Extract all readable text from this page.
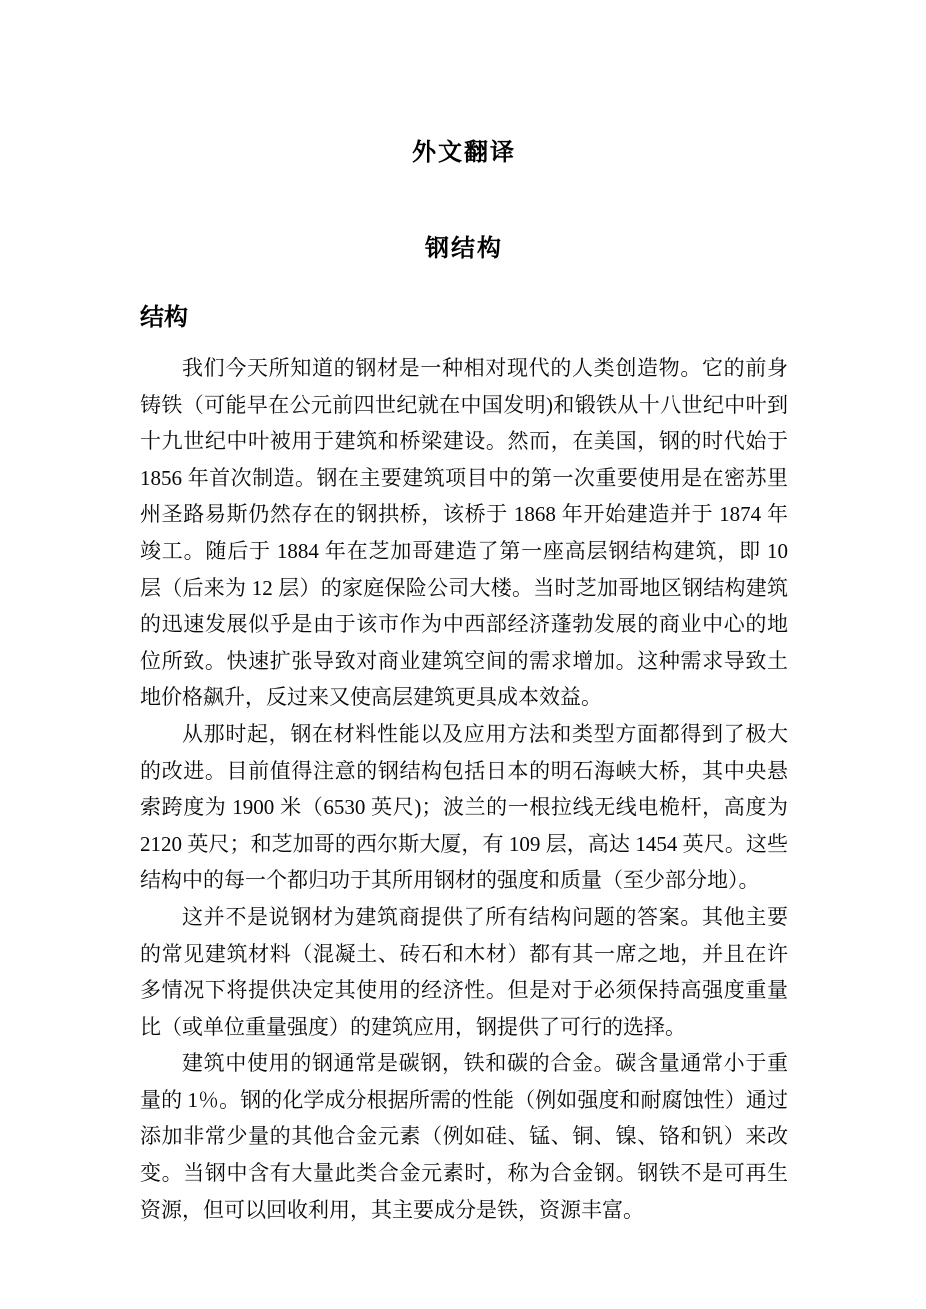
外文翻译
钢结构
结构

我们今天所知道的钢材是一种相对现代的人类创造物。它的前身铸铁（可能早在公元前四世纪就在中国发明)和锻铁从十八世纪中叶到十九世纪中叶被用于建筑和桥梁建设。然而，在美国，钢的时代始于 1856 年首次制造。钢在主要建筑项目中的第一次重要使用是在密苏里州圣路易斯仍然存在的钢拱桥，该桥于 1868 年开始建造并于 1874 年竣工。随后于 1884 年在芝加哥建造了第一座高层钢结构建筑，即 10 层（后来为 12 层）的家庭保险公司大楼。当时芝加哥地区钢结构建筑的迅速发展似乎是由于该市作为中西部经济蓬勃发展的商业中心的地位所致。快速扩张导致对商业建筑空间的需求增加。这种需求导致土地价格飙升，反过来又使高层建筑更具成本效益。

从那时起，钢在材料性能以及应用方法和类型方面都得到了极大的改进。目前值得注意的钢结构包括日本的明石海峡大桥，其中央悬索跨度为 1900 米（6530 英尺)；波兰的一根拉线无线电桅杆，高度为 2120 英尺；和芝加哥的西尔斯大厦，有 109 层，高达 1454 英尺。这些结构中的每一个都归功于其所用钢材的强度和质量（至少部分地）。

这并不是说钢材为建筑商提供了所有结构问题的答案。其他主要的常见建筑材料（混凝土、砖石和木材）都有其一席之地，并且在许多情况下将提供决定其使用的经济性。但是对于必须保持高强度重量比（或单位重量强度）的建筑应用，钢提供了可行的选择。

建筑中使用的钢通常是碳钢，铁和碳的合金。碳含量通常小于重量的 1％。钢的化学成分根据所需的性能（例如强度和耐腐蚀性）通过添加非常少量的其他合金元素（例如硅、锰、铜、镍、铬和钒）来改变。当钢中含有大量此类合金元素时，称为合金钢。钢铁不是可再生资源，但可以回收利用，其主要成分是铁，资源丰富。
